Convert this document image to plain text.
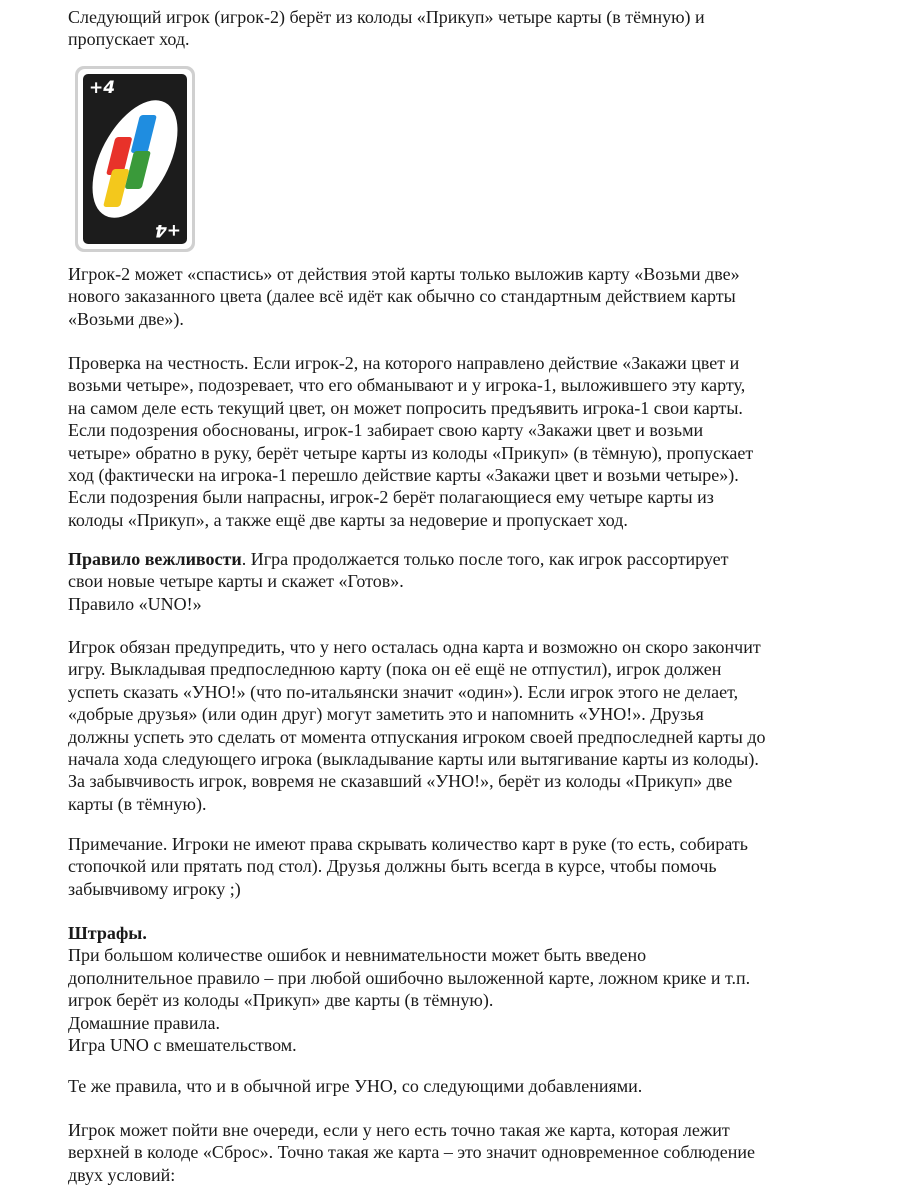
Следующий игрок (игрок-2) берёт из колоды «Прикуп» четыре карты (в тёмную) и
пропускает ход.

+4
+4

Игрок-2 может «спастись» от действия этой карты только выложив карту «Возьми две»
нового заказанного цвета (далее всё идёт как обычно со стандартным действием карты
«Возьми две»).

Проверка на честность. Если игрок-2, на которого направлено действие «Закажи цвет и
возьми четыре», подозревает, что его обманывают и у игрока-1, выложившего эту карту,
на самом деле есть текущий цвет, он может попросить предъявить игрока-1 свои карты.
Если подозрения обоснованы, игрок-1 забирает свою карту «Закажи цвет и возьми
четыре» обратно в руку, берёт четыре карты из колоды «Прикуп» (в тёмную), пропускает
ход (фактически на игрока-1 перешло действие карты «Закажи цвет и возьми четыре»).
Если подозрения были напрасны, игрок-2 берёт полагающиеся ему четыре карты из
колоды «Прикуп», а также ещё две карты за недоверие и пропускает ход.

Правило вежливости. Игра продолжается только после того, как игрок рассортирует
свои новые четыре карты и скажет «Готов».
Правило «UNO!»

Игрок обязан предупредить, что у него осталась одна карта и возможно он скоро закончит
игру. Выкладывая предпоследнюю карту (пока он её ещё не отпустил), игрок должен
успеть сказать «УНО!» (что по-итальянски значит «один»). Если игрок этого не делает,
«добрые друзья» (или один друг) могут заметить это и напомнить «УНО!». Друзья
должны успеть это сделать от момента отпускания игроком своей предпоследней карты до
начала хода следующего игрока (выкладывание карты или вытягивание карты из колоды).
За забывчивость игрок, вовремя не сказавший «УНО!», берёт из колоды «Прикуп» две
карты (в тёмную).

Примечание. Игроки не имеют права скрывать количество карт в руке (то есть, собирать
стопочкой или прятать под стол). Друзья должны быть всегда в курсе, чтобы помочь
забывчивому игроку ;)

Штрафы.
При большом количестве ошибок и невнимательности может быть введено
дополнительное правило – при любой ошибочно выложенной карте, ложном крике и т.п.
игрок берёт из колоды «Прикуп» две карты (в тёмную).
Домашние правила.
Игра UNO с вмешательством.

Те же правила, что и в обычной игре УНО, со следующими добавлениями.

Игрок может пойти вне очереди, если у него есть точно такая же карта, которая лежит
верхней в колоде «Сброс». Точно такая же карта – это значит одновременное соблюдение
двух условий:
